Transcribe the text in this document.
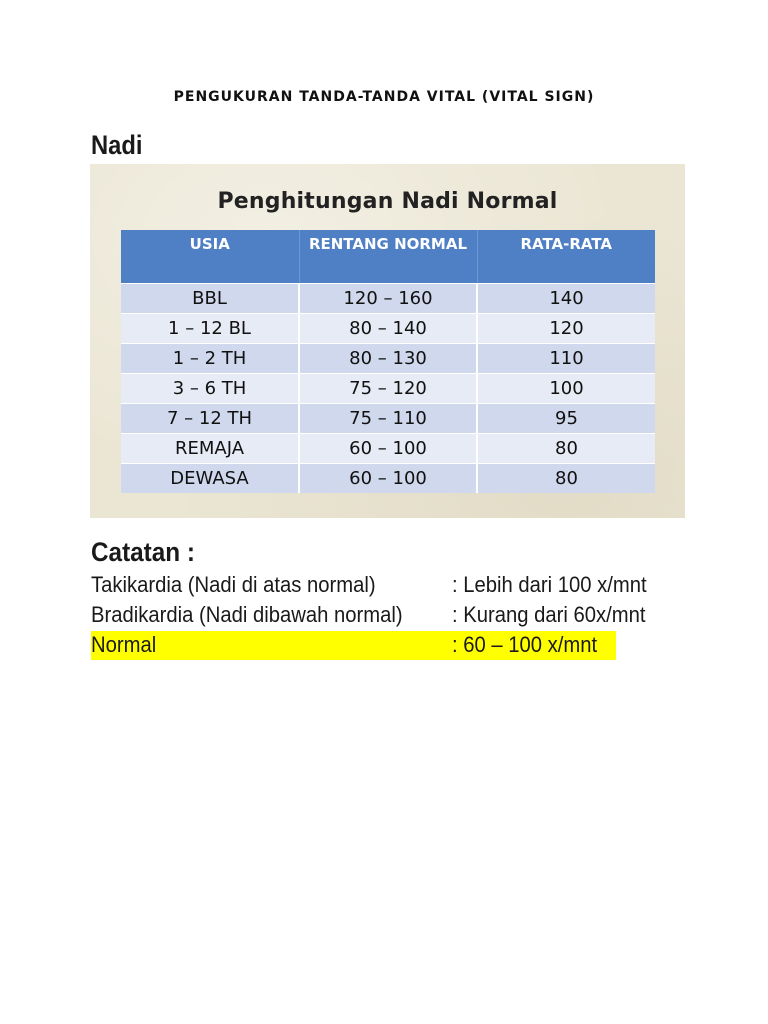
PENGUKURAN TANDA-TANDA VITAL (VITAL SIGN)
Nadi
Penghitungan Nadi Normal
USIA	RENTANG NORMAL	RATA-RATA
BBL	120 – 160	140
1 – 12 BL	80 – 140	120
1 – 2 TH	80 – 130	110
3 – 6 TH	75 – 120	100
7 – 12 TH	75 – 110	95
REMAJA	60 – 100	80
DEWASA	60 – 100	80
Catatan :
Takikardia (Nadi di atas normal)	: Lebih dari 100 x/mnt
Bradikardia (Nadi dibawah normal) : Kurang dari 60x/mnt
Normal	: 60 – 100 x/mnt
